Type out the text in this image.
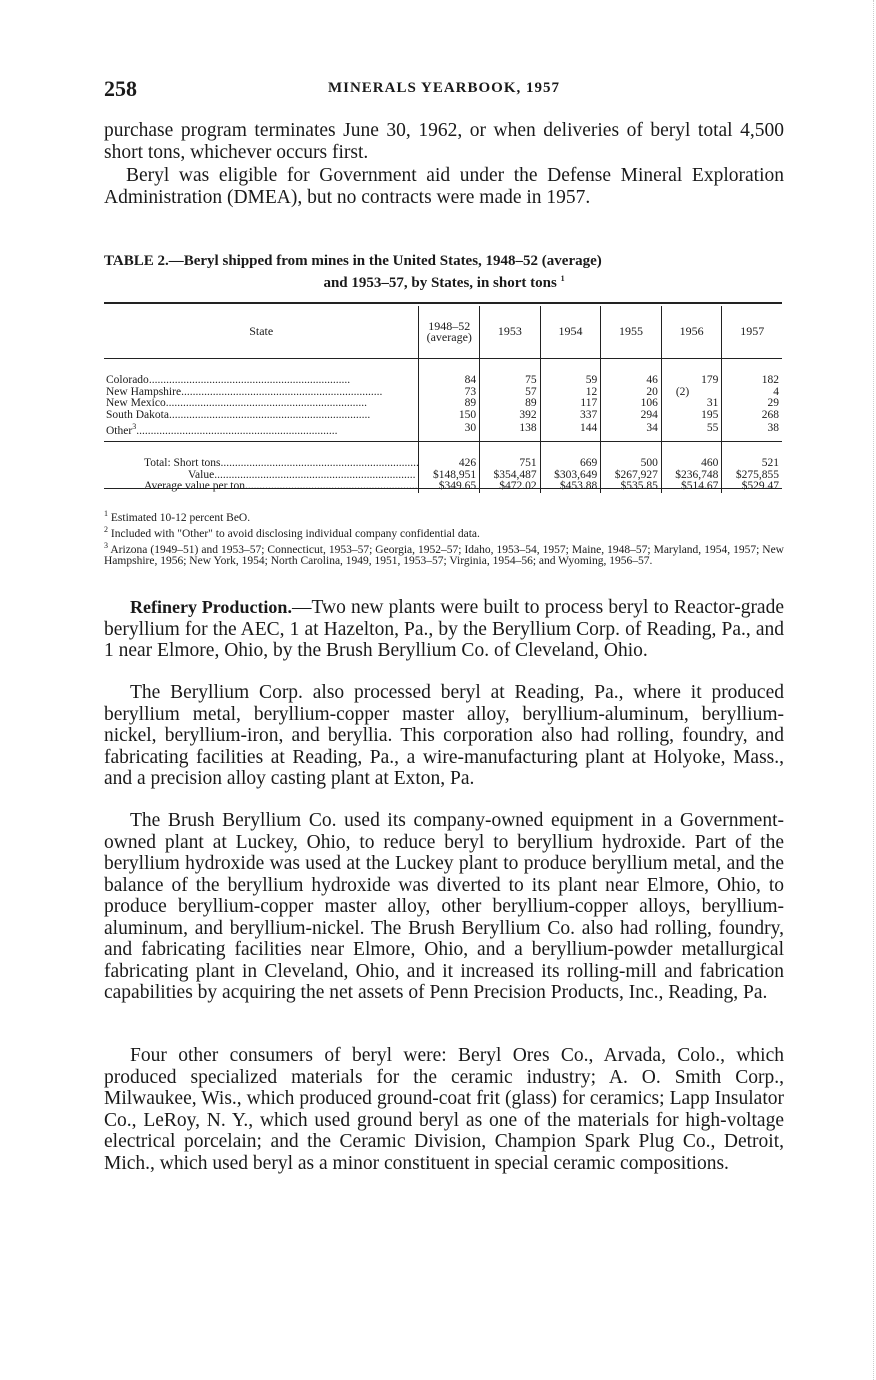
258	MINERALS YEARBOOK, 1957

purchase program terminates June 30, 1962, or when deliveries of beryl total 4,500 short tons, whichever occurs first.

Beryl was eligible for Government aid under the Defense Mineral Exploration Administration (DMEA), but no contracts were made in 1957.

TABLE 2.—Beryl shipped from mines in the United States, 1948–52 (average)
and 1953–57, by States, in short tons $^1$
State	1948–52 (average)	1953	1954	1955	1956	1957

Colorado .....	84	75	59	46	179	182
New Hampshire .....	73	57	12	20	(2)	4
New Mexico .....	89	89	117	106	31	29
South Dakota .....	150	392	337	294	195	268
Other$^3$ .....	30	138	144	34	55	38

Total: Short tons .....	426	751	669	500	460	521
Value .....	$148,951	$354,487	$303,649	$267,927	$236,748	$275,855
Average value per ton .....	$349.65	$472.02	$453.88	$535.85	$514.67	$529.47

$^1$ Estimated 10-12 percent BeO.

$^2$ Included with "Other" to avoid disclosing individual company confidential data.

$^3$ Arizona (1949–51) and 1953–57; Connecticut, 1953–57; Georgia, 1952–57; Idaho, 1953–54, 1957; Maine, 1948–57; Maryland, 1954, 1957; New Hampshire, 1956; New York, 1954; North Carolina, 1949, 1951, 1953–57; Virginia, 1954–56; and Wyoming, 1956–57.

Refinery Production.—Two new plants were built to process beryl to Reactor-grade beryllium for the AEC, 1 at Hazelton, Pa., by the Beryllium Corp. of Reading, Pa., and 1 near Elmore, Ohio, by the Brush Beryllium Co. of Cleveland, Ohio.

The Beryllium Corp. also processed beryl at Reading, Pa., where it produced beryllium metal, beryllium-copper master alloy, beryllium-aluminum, beryllium-nickel, beryllium-iron, and beryllia. This corporation also had rolling, foundry, and fabricating facilities at Reading, Pa., a wire-manufacturing plant at Holyoke, Mass., and a precision alloy casting plant at Exton, Pa.

The Brush Beryllium Co. used its company-owned equipment in a Government-owned plant at Luckey, Ohio, to reduce beryl to beryllium hydroxide. Part of the beryllium hydroxide was used at the Luckey plant to produce beryllium metal, and the balance of the beryllium hydroxide was diverted to its plant near Elmore, Ohio, to produce beryllium-copper master alloy, other beryllium-copper alloys, beryllium-aluminum, and beryllium-nickel. The Brush Beryllium Co. also had rolling, foundry, and fabricating facilities near Elmore, Ohio, and a beryllium-powder metallurgical fabricating plant in Cleveland, Ohio, and it increased its rolling-mill and fabrication capabilities by acquiring the net assets of Penn Precision Products, Inc., Reading, Pa.

Four other consumers of beryl were: Beryl Ores Co., Arvada, Colo., which produced specialized materials for the ceramic industry; A. O. Smith Corp., Milwaukee, Wis., which produced ground-coat frit (glass) for ceramics; Lapp Insulator Co., LeRoy, N. Y., which used ground beryl as one of the materials for high-voltage electrical porcelain; and the Ceramic Division, Champion Spark Plug Co., Detroit, Mich., which used beryl as a minor constituent in special ceramic compositions.
